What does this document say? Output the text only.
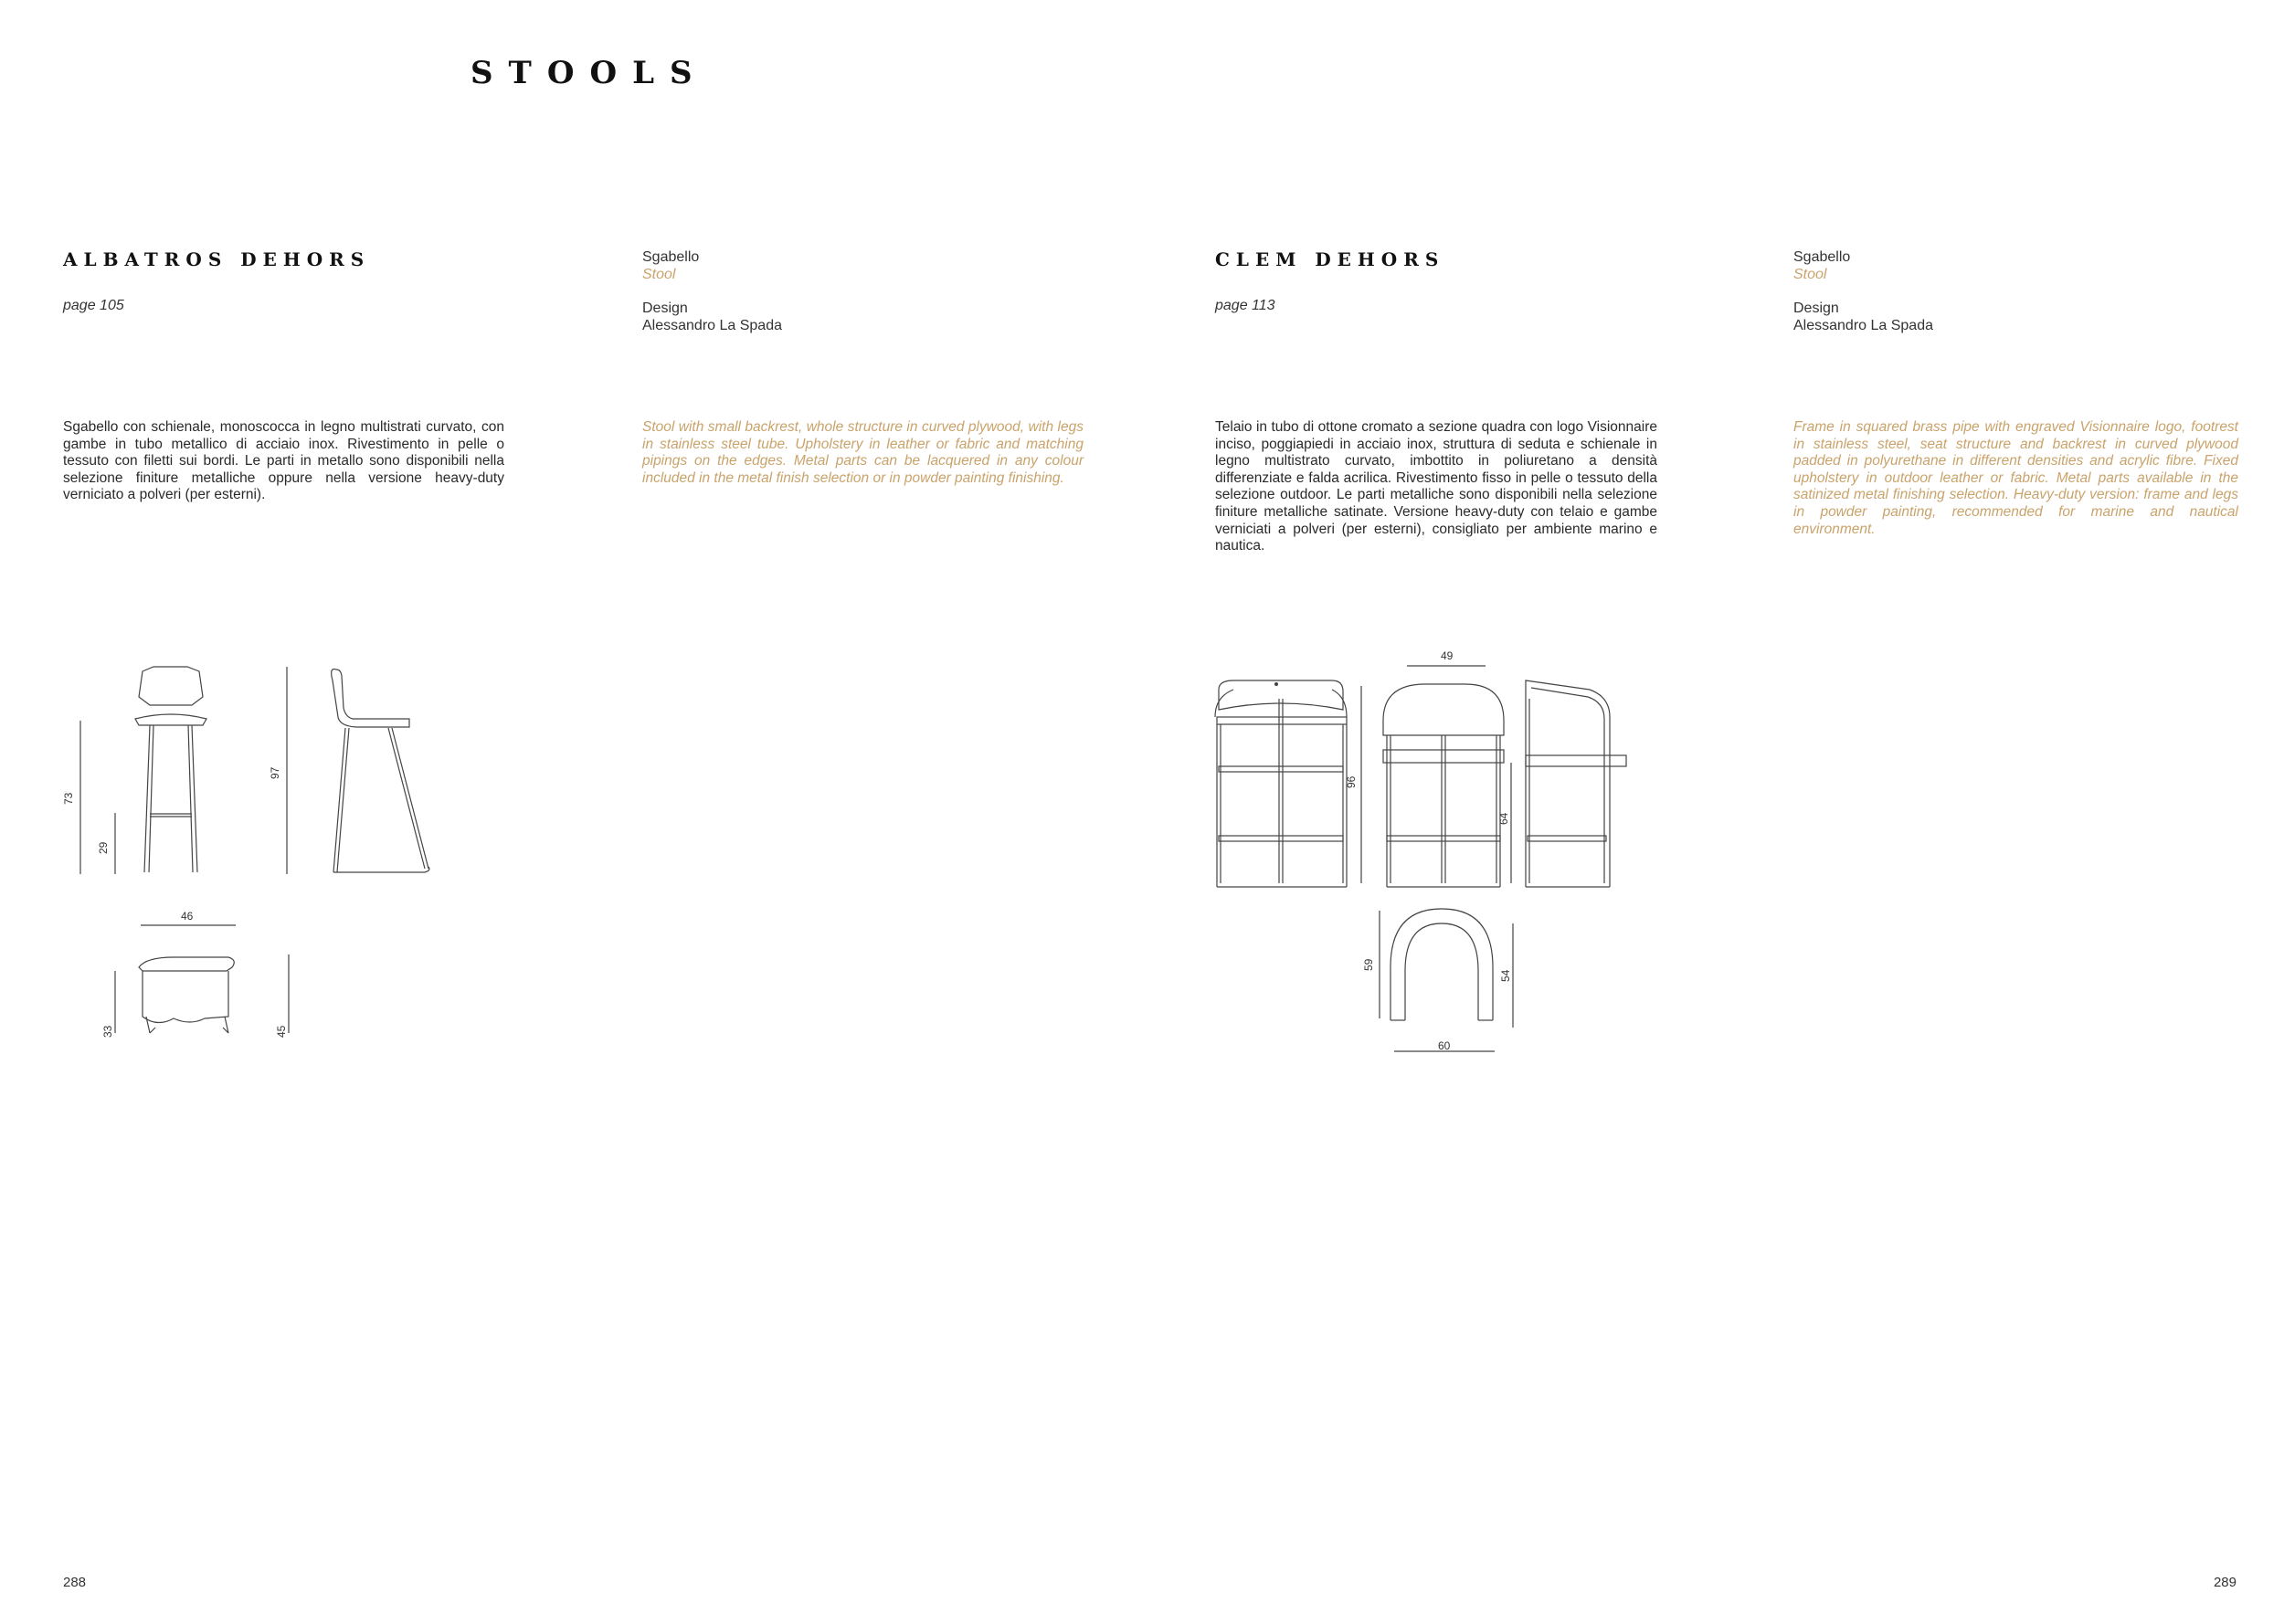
STOOLS
ALBATROS DEHORS
page 105
Sgabello
Stool
Design
Alessandro La Spada
Sgabello con schienale, monoscocca in legno multistrati curvato, con gambe in tubo metallico di acciaio inox. Rivestimento in pelle o tessuto con filetti sui bordi. Le parti in metallo sono disponibili nella selezione finiture metalliche oppure nella versione heavy-duty verniciato a polveri (per esterni).
Stool with small backrest, whole structure in curved plywood, with legs in stainless steel tube. Upholstery in leather or fabric and matching pipings on the edges. Metal parts can be lacquered in any colour included in the metal finish selection or in powder painting finishing.
73
29
97
46
33	45
CLEM DEHORS
page 113
Sgabello
Stool
Design
Alessandro La Spada
Telaio in tubo di ottone cromato a sezione quadra con logo Visionnaire inciso, poggiapiedi in acciaio inox, struttura di seduta e schienale in legno multistrato curvato, imbottito in poliuretano a densità differenziate e falda acrilica. Rivestimento fisso in pelle o tessuto della selezione outdoor. Le parti metalliche sono disponibili nella selezione finiture metalliche satinate. Versione heavy-duty con telaio e gambe verniciati a polveri (per esterni), consigliato per ambiente marino e nautica.
Frame in squared brass pipe with engraved Visionnaire logo, footrest in stainless steel, seat structure and backrest in curved plywood padded in polyurethane in different densities and acrylic fibre. Fixed upholstery in outdoor leather or fabric. Metal parts available in the satinized metal finishing selection. Heavy-duty version: frame and legs in powder painting, recommended for marine and nautical environment.
49
96
64
59
54
60
288	289
